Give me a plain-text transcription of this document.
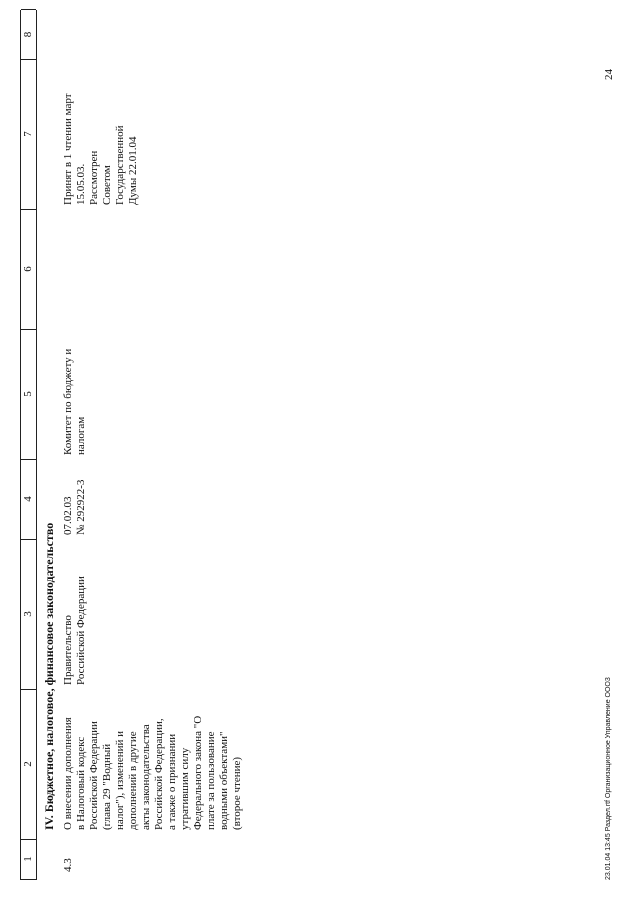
1
2
3
4
5
6
7
8
IV. Бюджетное, налоговое, финансовое законодательство
4.3
О внесении дополнения
в Налоговый кодекс
Российской Федерации
(глава 29 "Водный
налог"), изменений и
дополнений в другие
акты законодательства
Российской Федерации,
а также о признании
утратившим силу
Федерального закона "О
плате за пользование
водными объектами"
(второе чтение)
Правительство
Российской Федерации
07.02.03
№ 292922-3
Комитет по бюджету и
налогам
Принят в 1 чтении март
15.05.03.
Рассмотрен
Советом
Государственной
Думы 22.01.04
23.01.04 13:45 Раздел.rtf Организационное Управление ООО3
24
